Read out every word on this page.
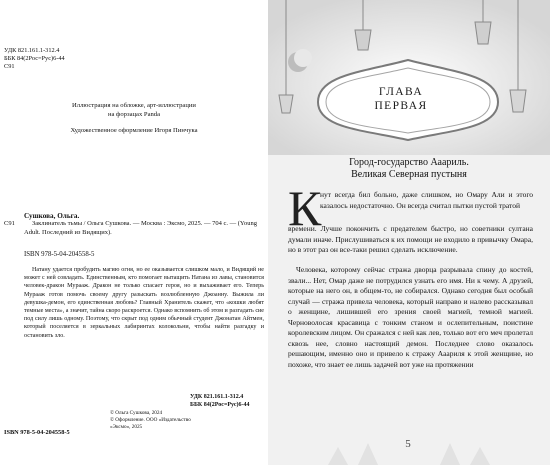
УДК 821.161.1-312.4
ББК 84(2Рос=Рус)6-44
С91
Иллюстрация на обложке, арт-иллюстрации
на форзацах Panda
Художественное оформление Игоря Пинчука
Сушкова, Ольга.
С91	Заклинатель тьмы / Ольга Сушкова. — Москва : Эксмо, 2025. — 704 с. — (Young Adult. Последний из Видящих).
ISBN 978-5-04-204558-5
Натану удается пробудить магию огня, но ее оказывается слишком мало, и Видящий не может с ней совладать. Единственным, кто помогает вытащить Натана из лавы, становится человек-дракон Мурааж. Дракон не только спасает героя, но и выхаживает его. Теперь Мурааж готов помочь своему другу разыскать возлюбленную Джоанну. Выжила ли девушка-демон, его единственная любовь? Главный Хранитель скажет, что «кошки любят темные места», а значит, тайна скоро раскроется. Однако вспомнить об этом и разгадать сие под силу лишь одному. Поэтому, что скрыт под одним обычный студент Джонатан Айтмен, который поселяется в зеркальных лабиринтах колокольни, чтобы найти разгадку и остановить зло.
УДК 821.161.1-312.4
ББК 84(2Рос=Рус)6-44
© Ольга Сушкова, 2024
© Оформление. ООО «Издательство
«Эксмо», 2025
ISBN 978-5-04-204558-5
ГЛАВА
ПЕРВАЯ
Город-государство Ааариль.
Великая Северная пустыня
К
нут всегда бил больно, даже слишком, но Омару Али и этого казалось недостаточно. Он всегда считал пытки пустой тратой
времени. Лучше покончить с предателем быстро, но советники султана думали иначе. Прислушиваться к их помощи не входило в привычку Омара, но в этот раз он все-таки решил сделать исключение.
Человека, которому сейчас стража дворца разрывала спину до костей, звали... Нет, Омар даже не потрудился узнать его имя. Ни к чему. А друзей, которые на него он, в общем-то, не собирался. Однако сегодня был особый случай — стража привела человека, который направо и налево рассказывал о женщине, лишившей его зрения своей магией, темной магией. Черноволосая красавица с тонким станом и ослепительным, поистине королевским лицом. Он сражался с ней как лев, только вот его меч пролетал сквозь нее, словно настоящий демон. Последнее слово оказалось решающим, именно оно и привело к стражу Ааариля к этой женщине, но похоже, что знает ее лишь задачей вот уже на протяжении
5
